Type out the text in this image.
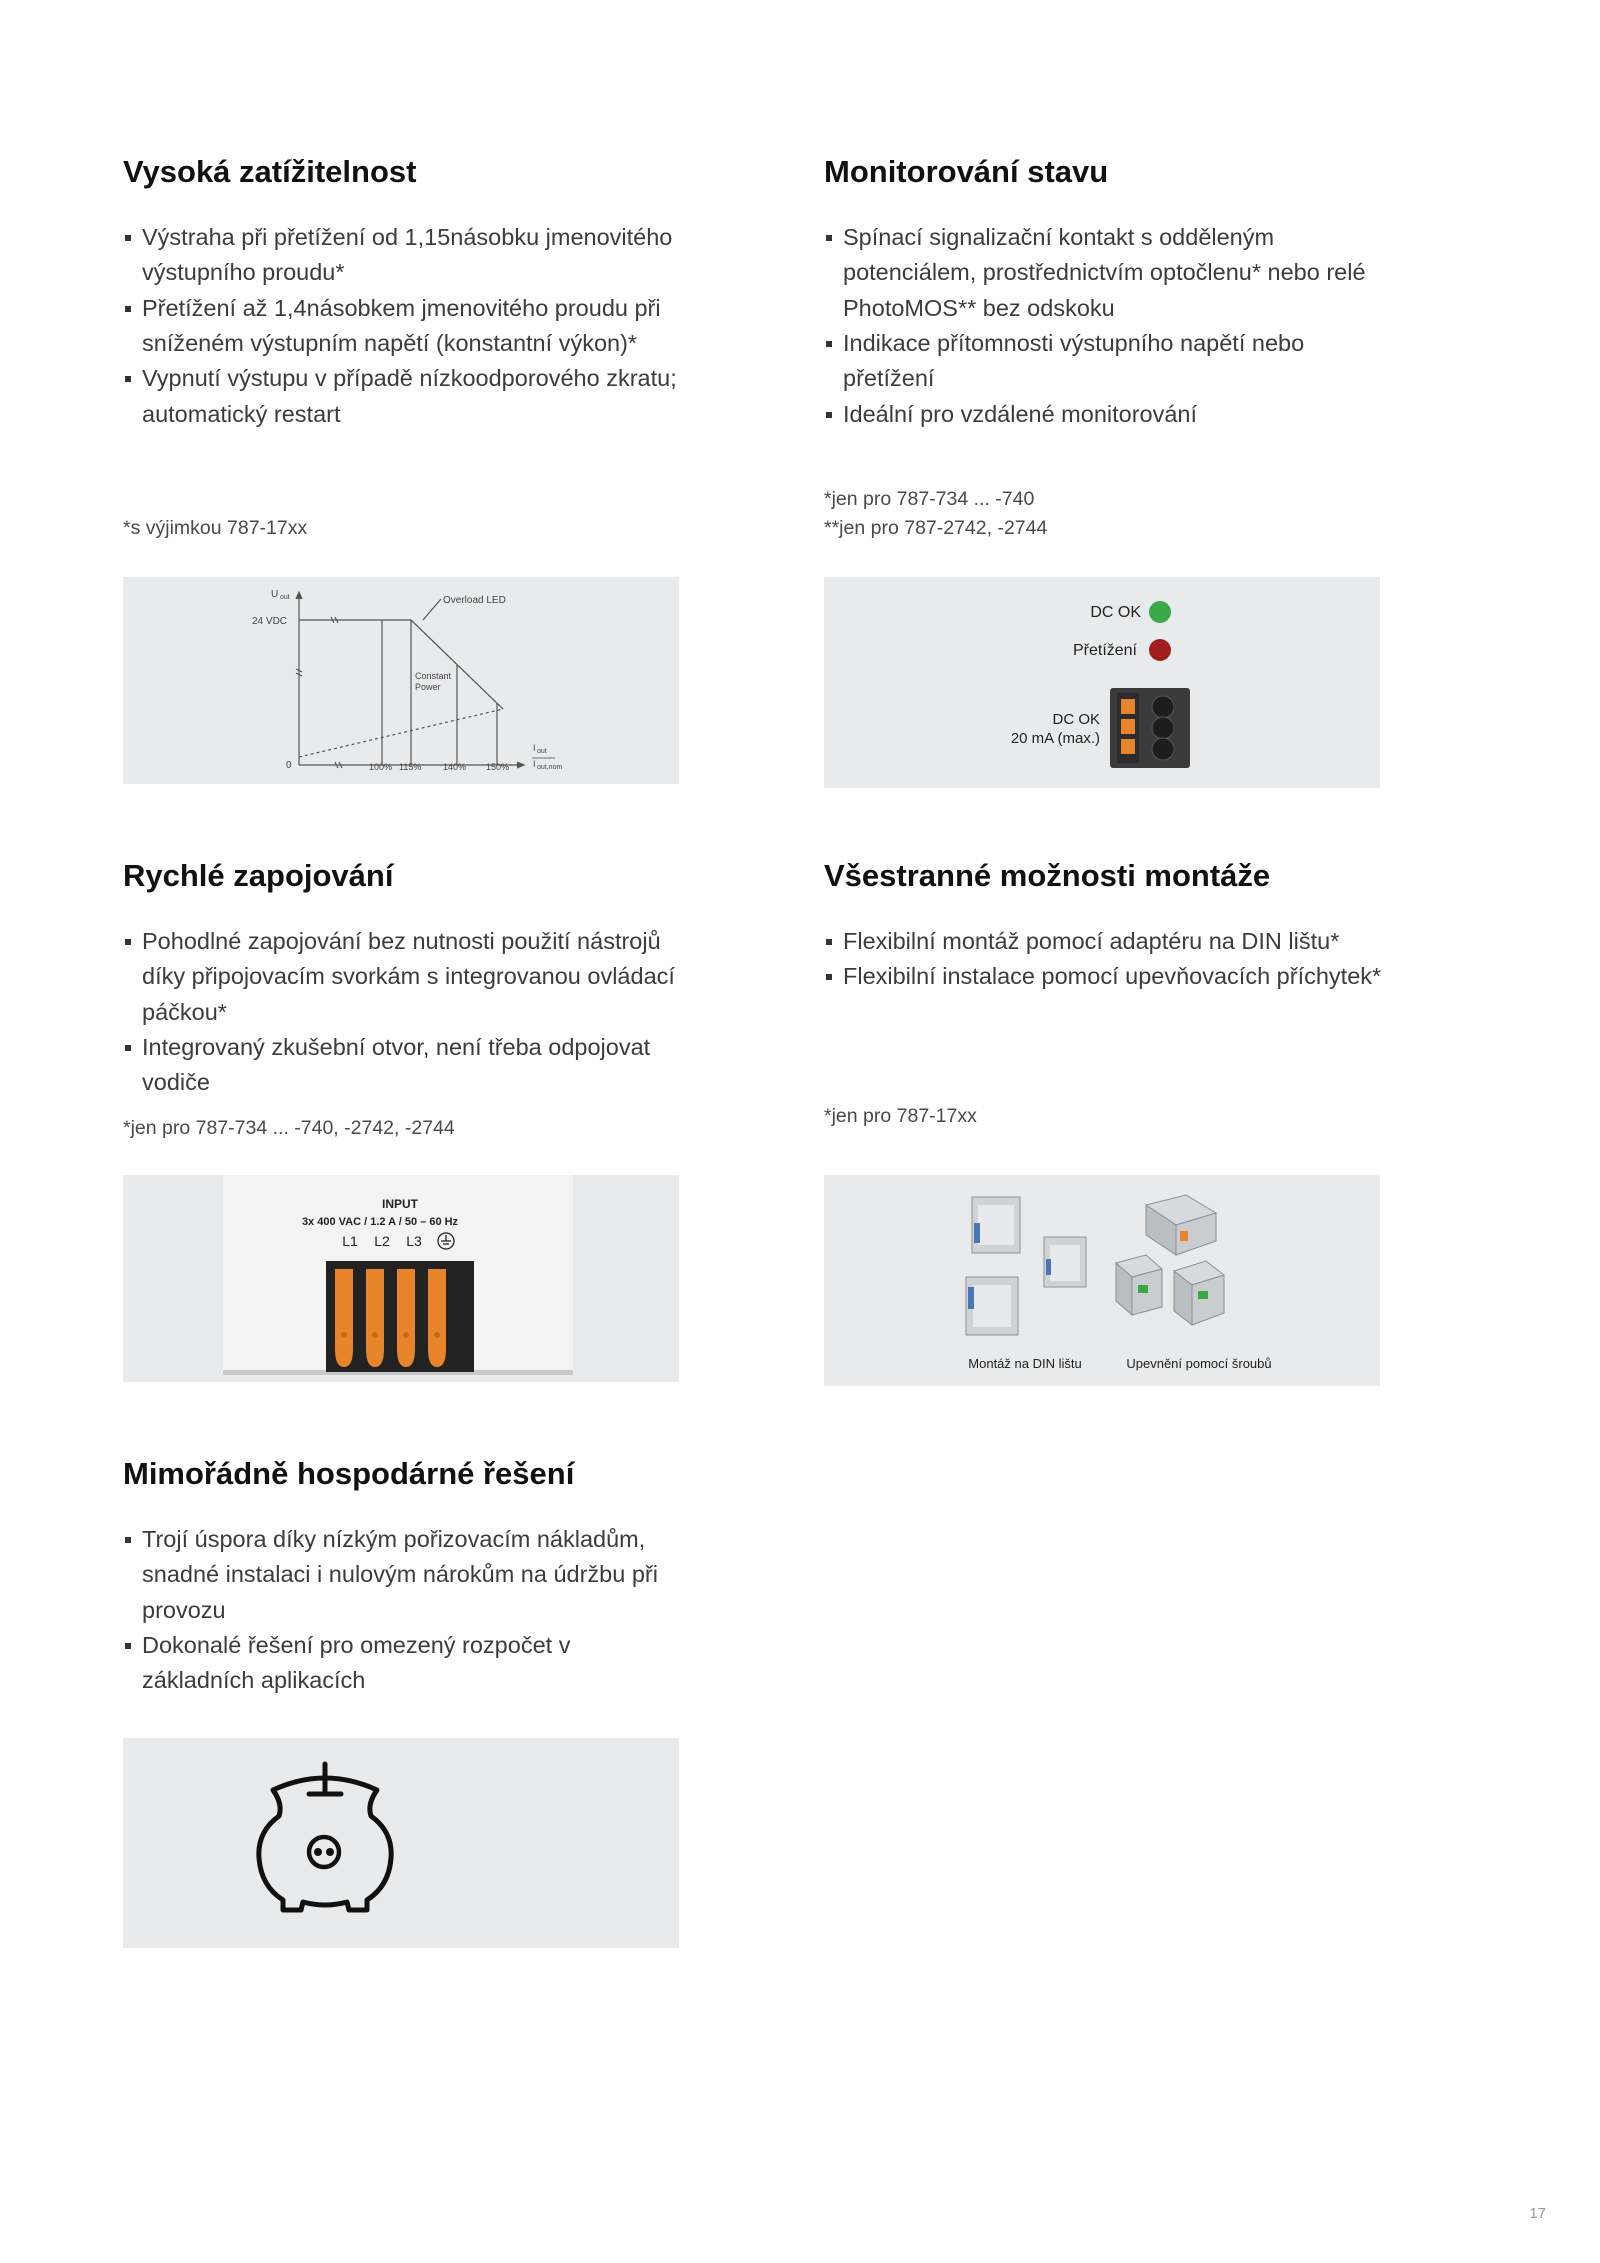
Vysoká zatížitelnost
Výstraha při přetížení od 1,15násobku jmenovitého výstupního proudu*
Přetížení až 1,4násobkem jmenovitého proudu při sníženém výstupním napětí (konstantní výkon)*
Vypnutí výstupu v případě nízkoodporového zkratu; automatický restart
*s výjimkou 787-17xx
U out
24 VDC
Overload LED
Constant
Power
0	100% 115% 140% 150%
I out
I out,nom
Monitorování stavu
Spínací signalizační kontakt s odděleným potenciálem, prostřednictvím optočlenu* nebo relé PhotoMOS** bez odskoku
Indikace přítomnosti výstupního napětí nebo přetížení
Ideální pro vzdálené monitorování
*jen pro 787-734 ... -740
**jen pro 787-2742, -2744
DC OK
Přetížení
DC OK
20 mA (max.)
Rychlé zapojování
Pohodlné zapojování bez nutnosti použití nástrojů díky připojovacím svorkám s integrovanou ovládací páčkou*
Integrovaný zkušební otvor, není třeba odpojovat vodiče
*jen pro 787-734 ... -740, -2742, -2744
INPUT
3x 400 VAC / 1.2 A / 50 – 60 Hz
L1 L2 L3
Všestranné možnosti montáže
Flexibilní montáž pomocí adaptéru na DIN lištu*
Flexibilní instalace pomocí upevňovacích příchytek*
*jen pro 787-17xx
Montáž na DIN lištu	Upevnění pomocí šroubů
Mimořádně hospodárné řešení
Trojí úspora díky nízkým pořizovacím nákladům, snadné instalaci i nulovým nárokům na údržbu při provozu
Dokonalé řešení pro omezený rozpočet v základních aplikacích
17
